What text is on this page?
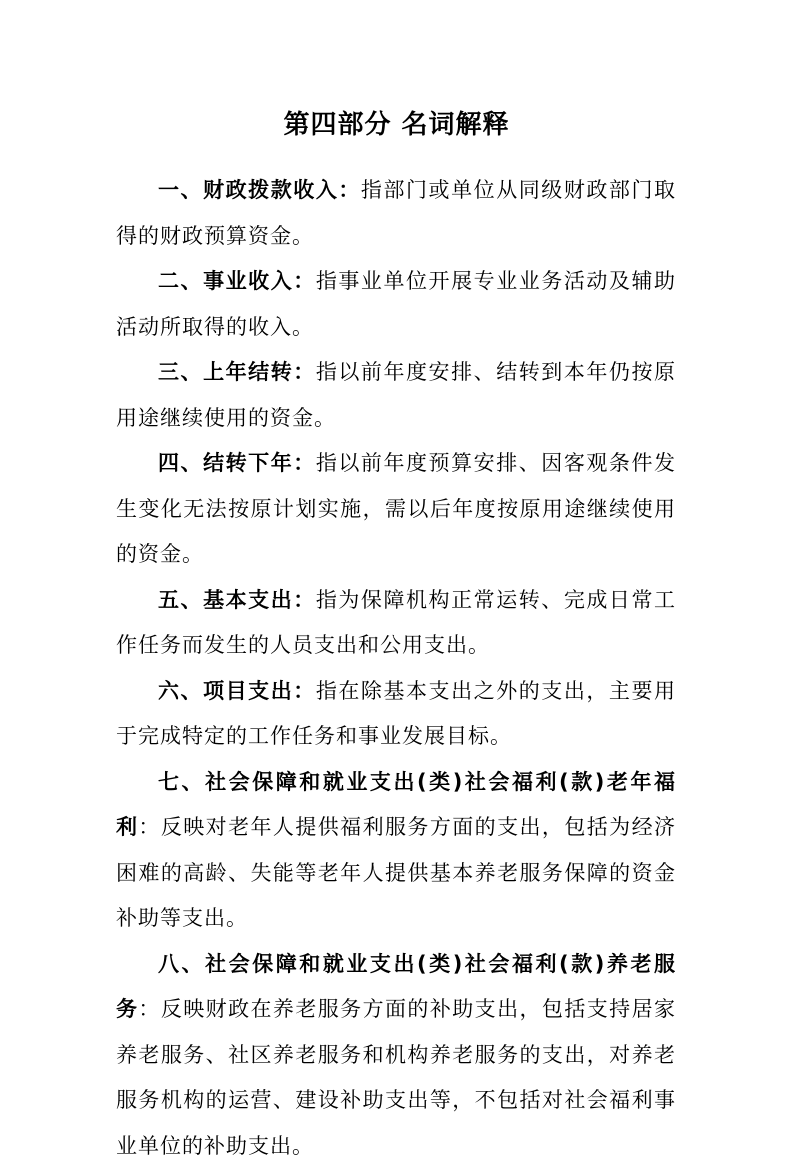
第四部分 名词解释

一、财政拨款收入：指部门或单位从同级财政部门取得的财政预算资金。

二、事业收入：指事业单位开展专业业务活动及辅助活动所取得的收入。

三、上年结转：指以前年度安排、结转到本年仍按原用途继续使用的资金。

四、结转下年：指以前年度预算安排、因客观条件发生变化无法按原计划实施，需以后年度按原用途继续使用的资金。

五、基本支出：指为保障机构正常运转、完成日常工作任务而发生的人员支出和公用支出。

六、项目支出：指在除基本支出之外的支出，主要用于完成特定的工作任务和事业发展目标。

七、社会保障和就业支出(类)社会福利(款)老年福利：反映对老年人提供福利服务方面的支出，包括为经济困难的高龄、失能等老年人提供基本养老服务保障的资金补助等支出。

八、社会保障和就业支出(类)社会福利(款)养老服务：反映财政在养老服务方面的补助支出，包括支持居家养老服务、社区养老服务和机构养老服务的支出，对养老服务机构的运营、建设补助支出等，不包括对社会福利事业单位的补助支出。
